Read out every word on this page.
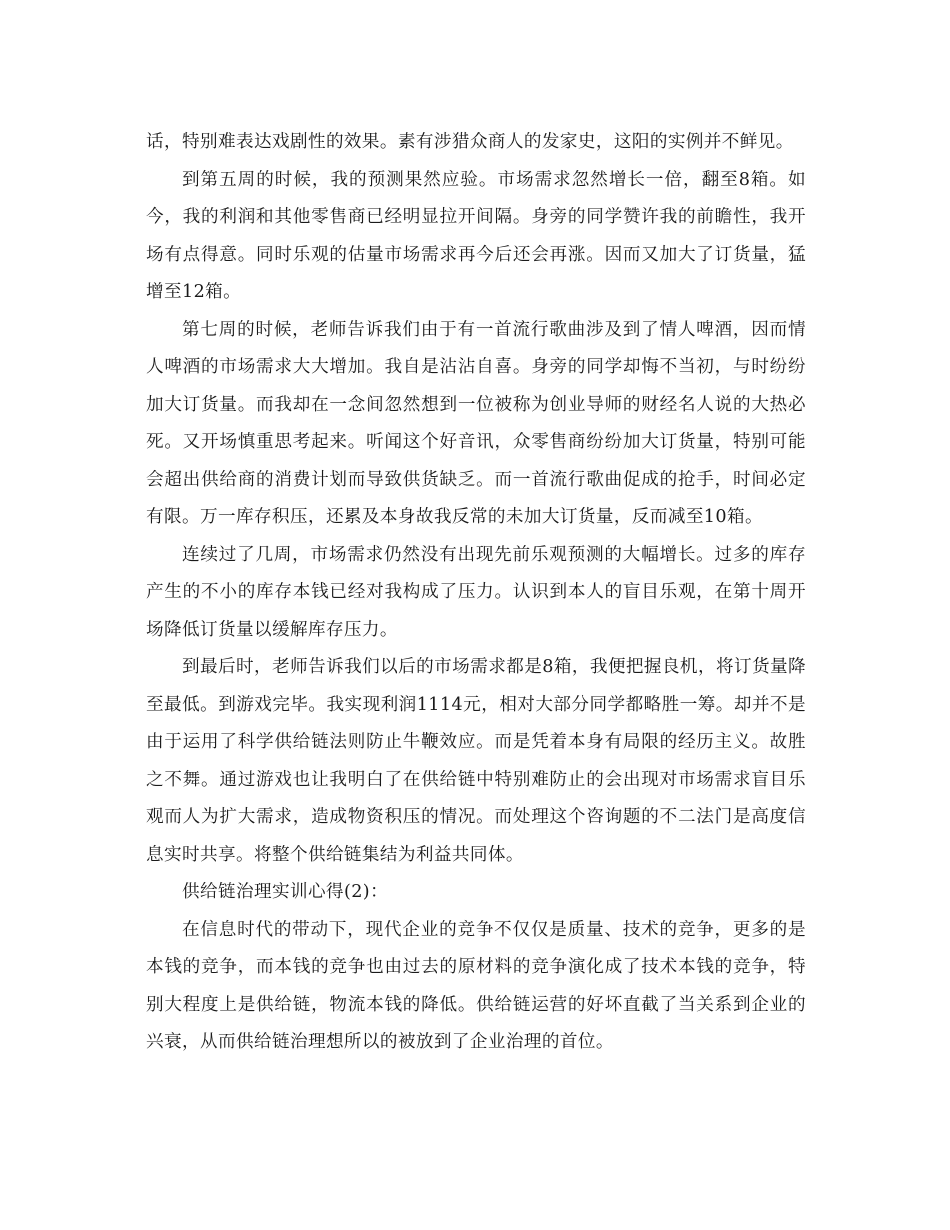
话，特别难表达戏剧性的效果。素有涉猎众商人的发家史，这阳的实例并不鲜见。

到第五周的时候，我的预测果然应验。市场需求忽然增长一倍，翻至8箱。如今，我的利润和其他零售商已经明显拉开间隔。身旁的同学赞许我的前瞻性，我开场有点得意。同时乐观的估量市场需求再今后还会再涨。因而又加大了订货量，猛增至12箱。

第七周的时候，老师告诉我们由于有一首流行歌曲涉及到了情人啤酒，因而情人啤酒的市场需求大大增加。我自是沾沾自喜。身旁的同学却悔不当初，与时纷纷加大订货量。而我却在一念间忽然想到一位被称为创业导师的财经名人说的大热必死。又开场慎重思考起来。听闻这个好音讯，众零售商纷纷加大订货量，特别可能会超出供给商的消费计划而导致供货缺乏。而一首流行歌曲促成的抢手，时间必定有限。万一库存积压，还累及本身故我反常的未加大订货量，反而减至10箱。

连续过了几周，市场需求仍然没有出现先前乐观预测的大幅增长。过多的库存产生的不小的库存本钱已经对我构成了压力。认识到本人的盲目乐观，在第十周开场降低订货量以缓解库存压力。

到最后时，老师告诉我们以后的市场需求都是8箱，我便把握良机，将订货量降至最低。到游戏完毕。我实现利润1114元，相对大部分同学都略胜一筹。却并不是由于运用了科学供给链法则防止牛鞭效应。而是凭着本身有局限的经历主义。故胜之不舞。通过游戏也让我明白了在供给链中特别难防止的会出现对市场需求盲目乐观而人为扩大需求，造成物资积压的情况。而处理这个咨询题的不二法门是高度信息实时共享。将整个供给链集结为利益共同体。

供给链治理实训心得(2)：

在信息时代的带动下，现代企业的竞争不仅仅是质量、技术的竞争，更多的是本钱的竞争，而本钱的竞争也由过去的原材料的竞争演化成了技术本钱的竞争，特别大程度上是供给链，物流本钱的降低。供给链运营的好坏直截了当关系到企业的兴衰，从而供给链治理想所以的被放到了企业治理的首位。
